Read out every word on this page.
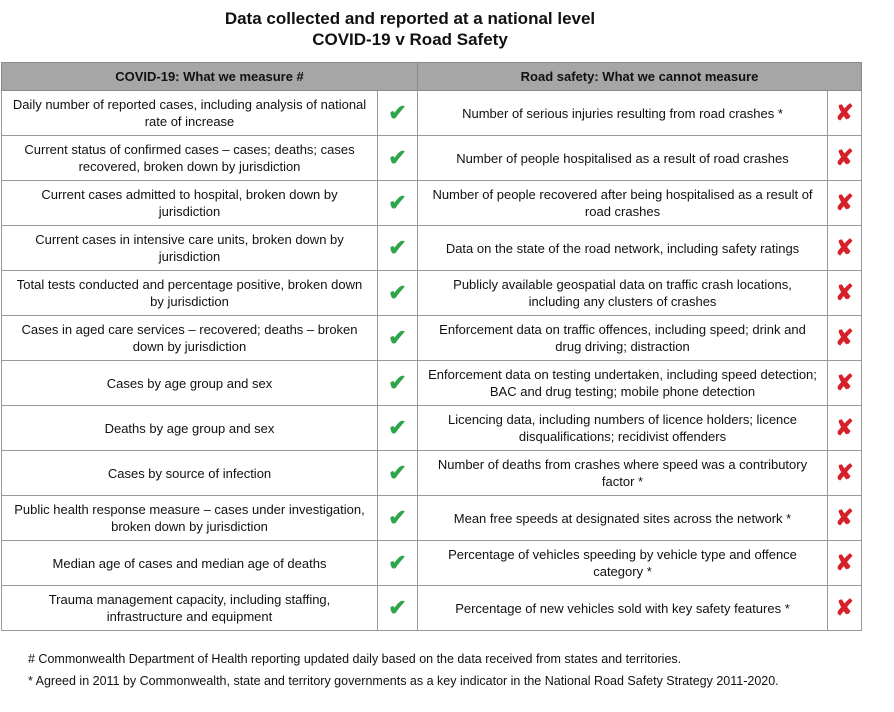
Data collected and reported at a national level
COVID-19 v Road Safety
COVID-19: What we measure #		Road safety: What we cannot measure	
Daily number of reported cases, including analysis of national rate of increase	✔	Number of serious injuries resulting from road crashes *	✘
Current status of confirmed cases – cases; deaths; cases recovered, broken down by jurisdiction	✔	Number of people hospitalised as a result of road crashes	✘
Current cases admitted to hospital, broken down by jurisdiction	✔	Number of people recovered after being hospitalised as a result of road crashes	✘
Current cases in intensive care units, broken down by jurisdiction	✔	Data on the state of the road network, including safety ratings	✘
Total tests conducted and percentage positive, broken down by jurisdiction	✔	Publicly available geospatial data on traffic crash locations, including any clusters of crashes	✘
Cases in aged care services – recovered; deaths – broken down by jurisdiction	✔	Enforcement data on traffic offences, including speed; drink and drug driving; distraction	✘
Cases by age group and sex	✔	Enforcement data on testing undertaken, including speed detection; BAC and drug testing; mobile phone detection	✘
Deaths by age group and sex	✔	Licencing data, including numbers of licence holders; licence disqualifications; recidivist offenders	✘
Cases by source of infection	✔	Number of deaths from crashes where speed was a contributory factor *	✘
Public health response measure – cases under investigation, broken down by jurisdiction	✔	Mean free speeds at designated sites across the network *	✘
Median age of cases and median age of deaths	✔	Percentage of vehicles speeding by vehicle type and offence category *	✘
Trauma management capacity, including staffing, infrastructure and equipment	✔	Percentage of new vehicles sold with key safety features *	✘
# Commonwealth Department of Health reporting updated daily based on the data received from states and territories.
* Agreed in 2011 by Commonwealth, state and territory governments as a key indicator in the National Road Safety Strategy 2011-2020.
